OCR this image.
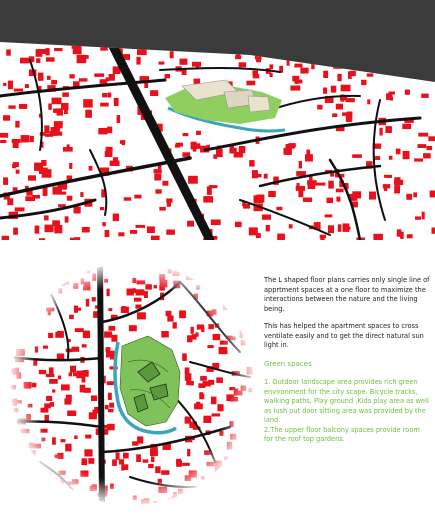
The L shaped floor plans carries only single line of apprtment spaces at a one floor to maximize the interactions between the nature and the living being.

This has helped the apartment spaces to cross ventilate easily and to get the direct natural sun light in.

Green spaces

1. Outdoor landscape area provides rich green environment for the city scape. Bicycle tracks, walking paths, Play ground ,Kids play area as well as lush out door sitting area was provided by the land.

2.The upper floor balcony spaces provide room for the roof top gardens.
